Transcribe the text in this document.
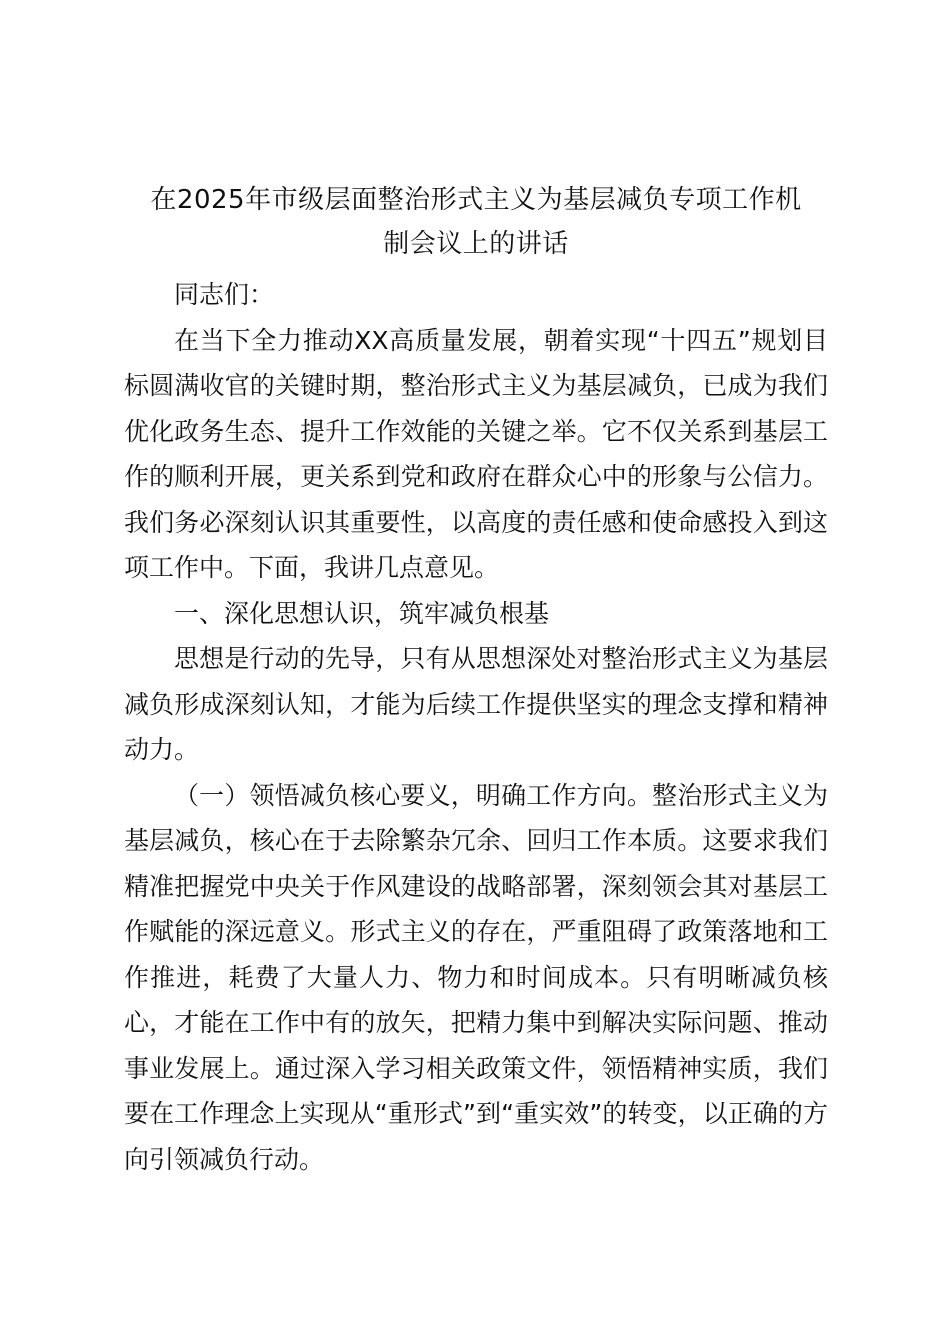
在2025年市级层面整治形式主义为基层减负专项工作机
制会议上的讲话

同志们：

在当下全力推动XX高质量发展，朝着实现“十四五”规划目标圆满收官的关键时期，整治形式主义为基层减负，已成为我们优化政务生态、提升工作效能的关键之举。它不仅关系到基层工作的顺利开展，更关系到党和政府在群众心中的形象与公信力。我们务必深刻认识其重要性，以高度的责任感和使命感投入到这项工作中。下面，我讲几点意见。

一、深化思想认识，筑牢减负根基

思想是行动的先导，只有从思想深处对整治形式主义为基层减负形成深刻认知，才能为后续工作提供坚实的理念支撑和精神动力。

（一）领悟减负核心要义，明确工作方向。整治形式主义为基层减负，核心在于去除繁杂冗余、回归工作本质。这要求我们精准把握党中央关于作风建设的战略部署，深刻领会其对基层工作赋能的深远意义。形式主义的存在，严重阻碍了政策落地和工作推进，耗费了大量人力、物力和时间成本。只有明晰减负核心，才能在工作中有的放矢，把精力集中到解决实际问题、推动事业发展上。通过深入学习相关政策文件，领悟精神实质，我们要在工作理念上实现从“重形式”到“重实效”的转变，以正确的方向引领减负行动。
